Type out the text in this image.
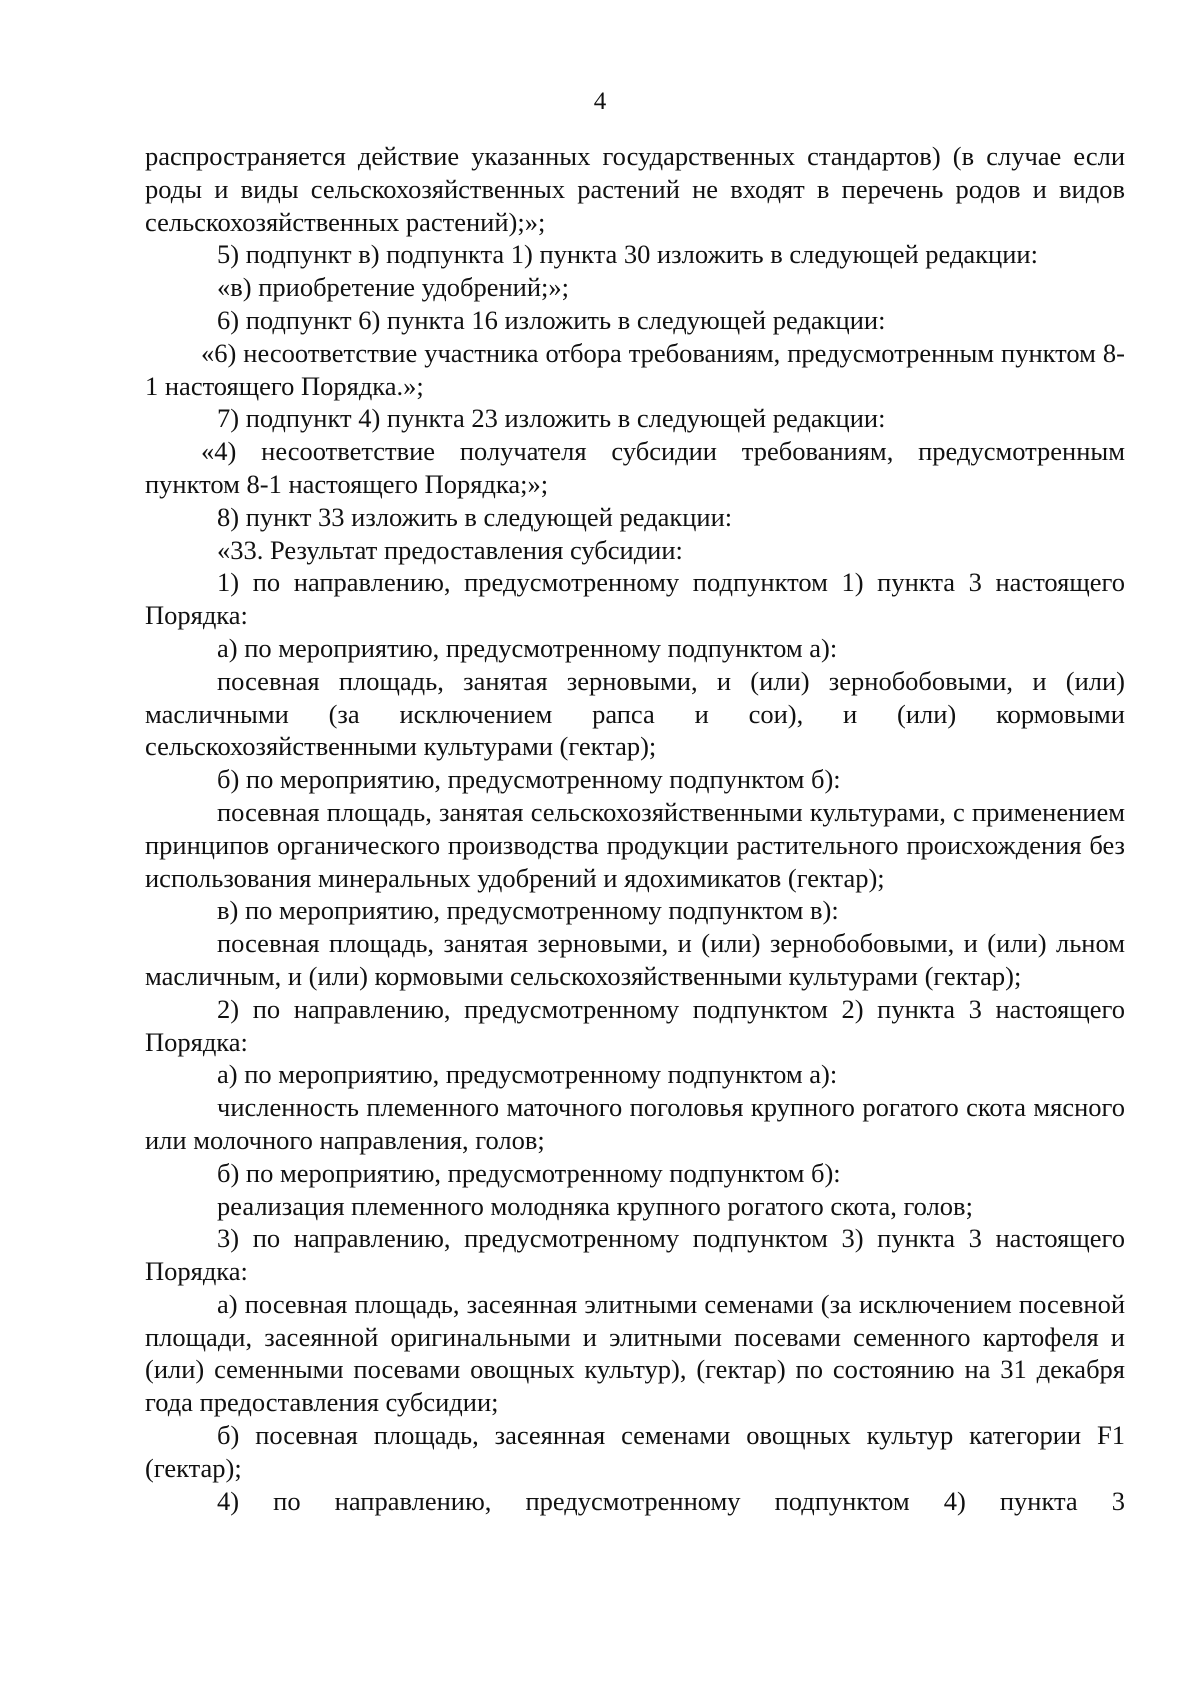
4

распространяется действие указанных государственных стандартов) (в случае если роды и виды сельскохозяйственных растений не входят в перечень родов и видов сельскохозяйственных растений);»;

5) подпункт в) подпункта 1) пункта 30 изложить в следующей редакции:

«в) приобретение удобрений;»;

6) подпункт 6) пункта 16 изложить в следующей редакции:

«6) несоответствие участника отбора требованиям, предусмотренным пунктом 8-1 настоящего Порядка.»;

7) подпункт 4) пункта 23 изложить в следующей редакции:

«4) несоответствие получателя субсидии требованиям, предусмотренным пунктом 8-1 настоящего Порядка;»;

8) пункт 33 изложить в следующей редакции:

«33. Результат предоставления субсидии:

1) по направлению, предусмотренному подпунктом 1) пункта 3 настоящего Порядка:

а) по мероприятию, предусмотренному подпунктом а):

посевная площадь, занятая зерновыми, и (или) зернобобовыми, и (или) масличными (за исключением рапса и сои), и (или) кормовыми сельскохозяйственными культурами (гектар);

б) по мероприятию, предусмотренному подпунктом б):

посевная площадь, занятая сельскохозяйственными культурами, с применением принципов органического производства продукции растительного происхождения без использования минеральных удобрений и ядохимикатов (гектар);

в) по мероприятию, предусмотренному подпунктом в):

посевная площадь, занятая зерновыми, и (или) зернобобовыми, и (или) льном масличным, и (или) кормовыми сельскохозяйственными культурами (гектар);

2) по направлению, предусмотренному подпунктом 2) пункта 3 настоящего Порядка:

а) по мероприятию, предусмотренному подпунктом а):

численность племенного маточного поголовья крупного рогатого скота мясного или молочного направления, голов;

б) по мероприятию, предусмотренному подпунктом б):

реализация племенного молодняка крупного рогатого скота, голов;

3) по направлению, предусмотренному подпунктом 3) пункта 3 настоящего Порядка:

а) посевная площадь, засеянная элитными семенами (за исключением посевной площади, засеянной оригинальными и элитными посевами семенного картофеля и (или) семенными посевами овощных культур), (гектар) по состоянию на 31 декабря года предоставления субсидии;

б) посевная площадь, засеянная семенами овощных культур категории F1 (гектар);

4) по направлению, предусмотренному подпунктом 4) пункта 3
